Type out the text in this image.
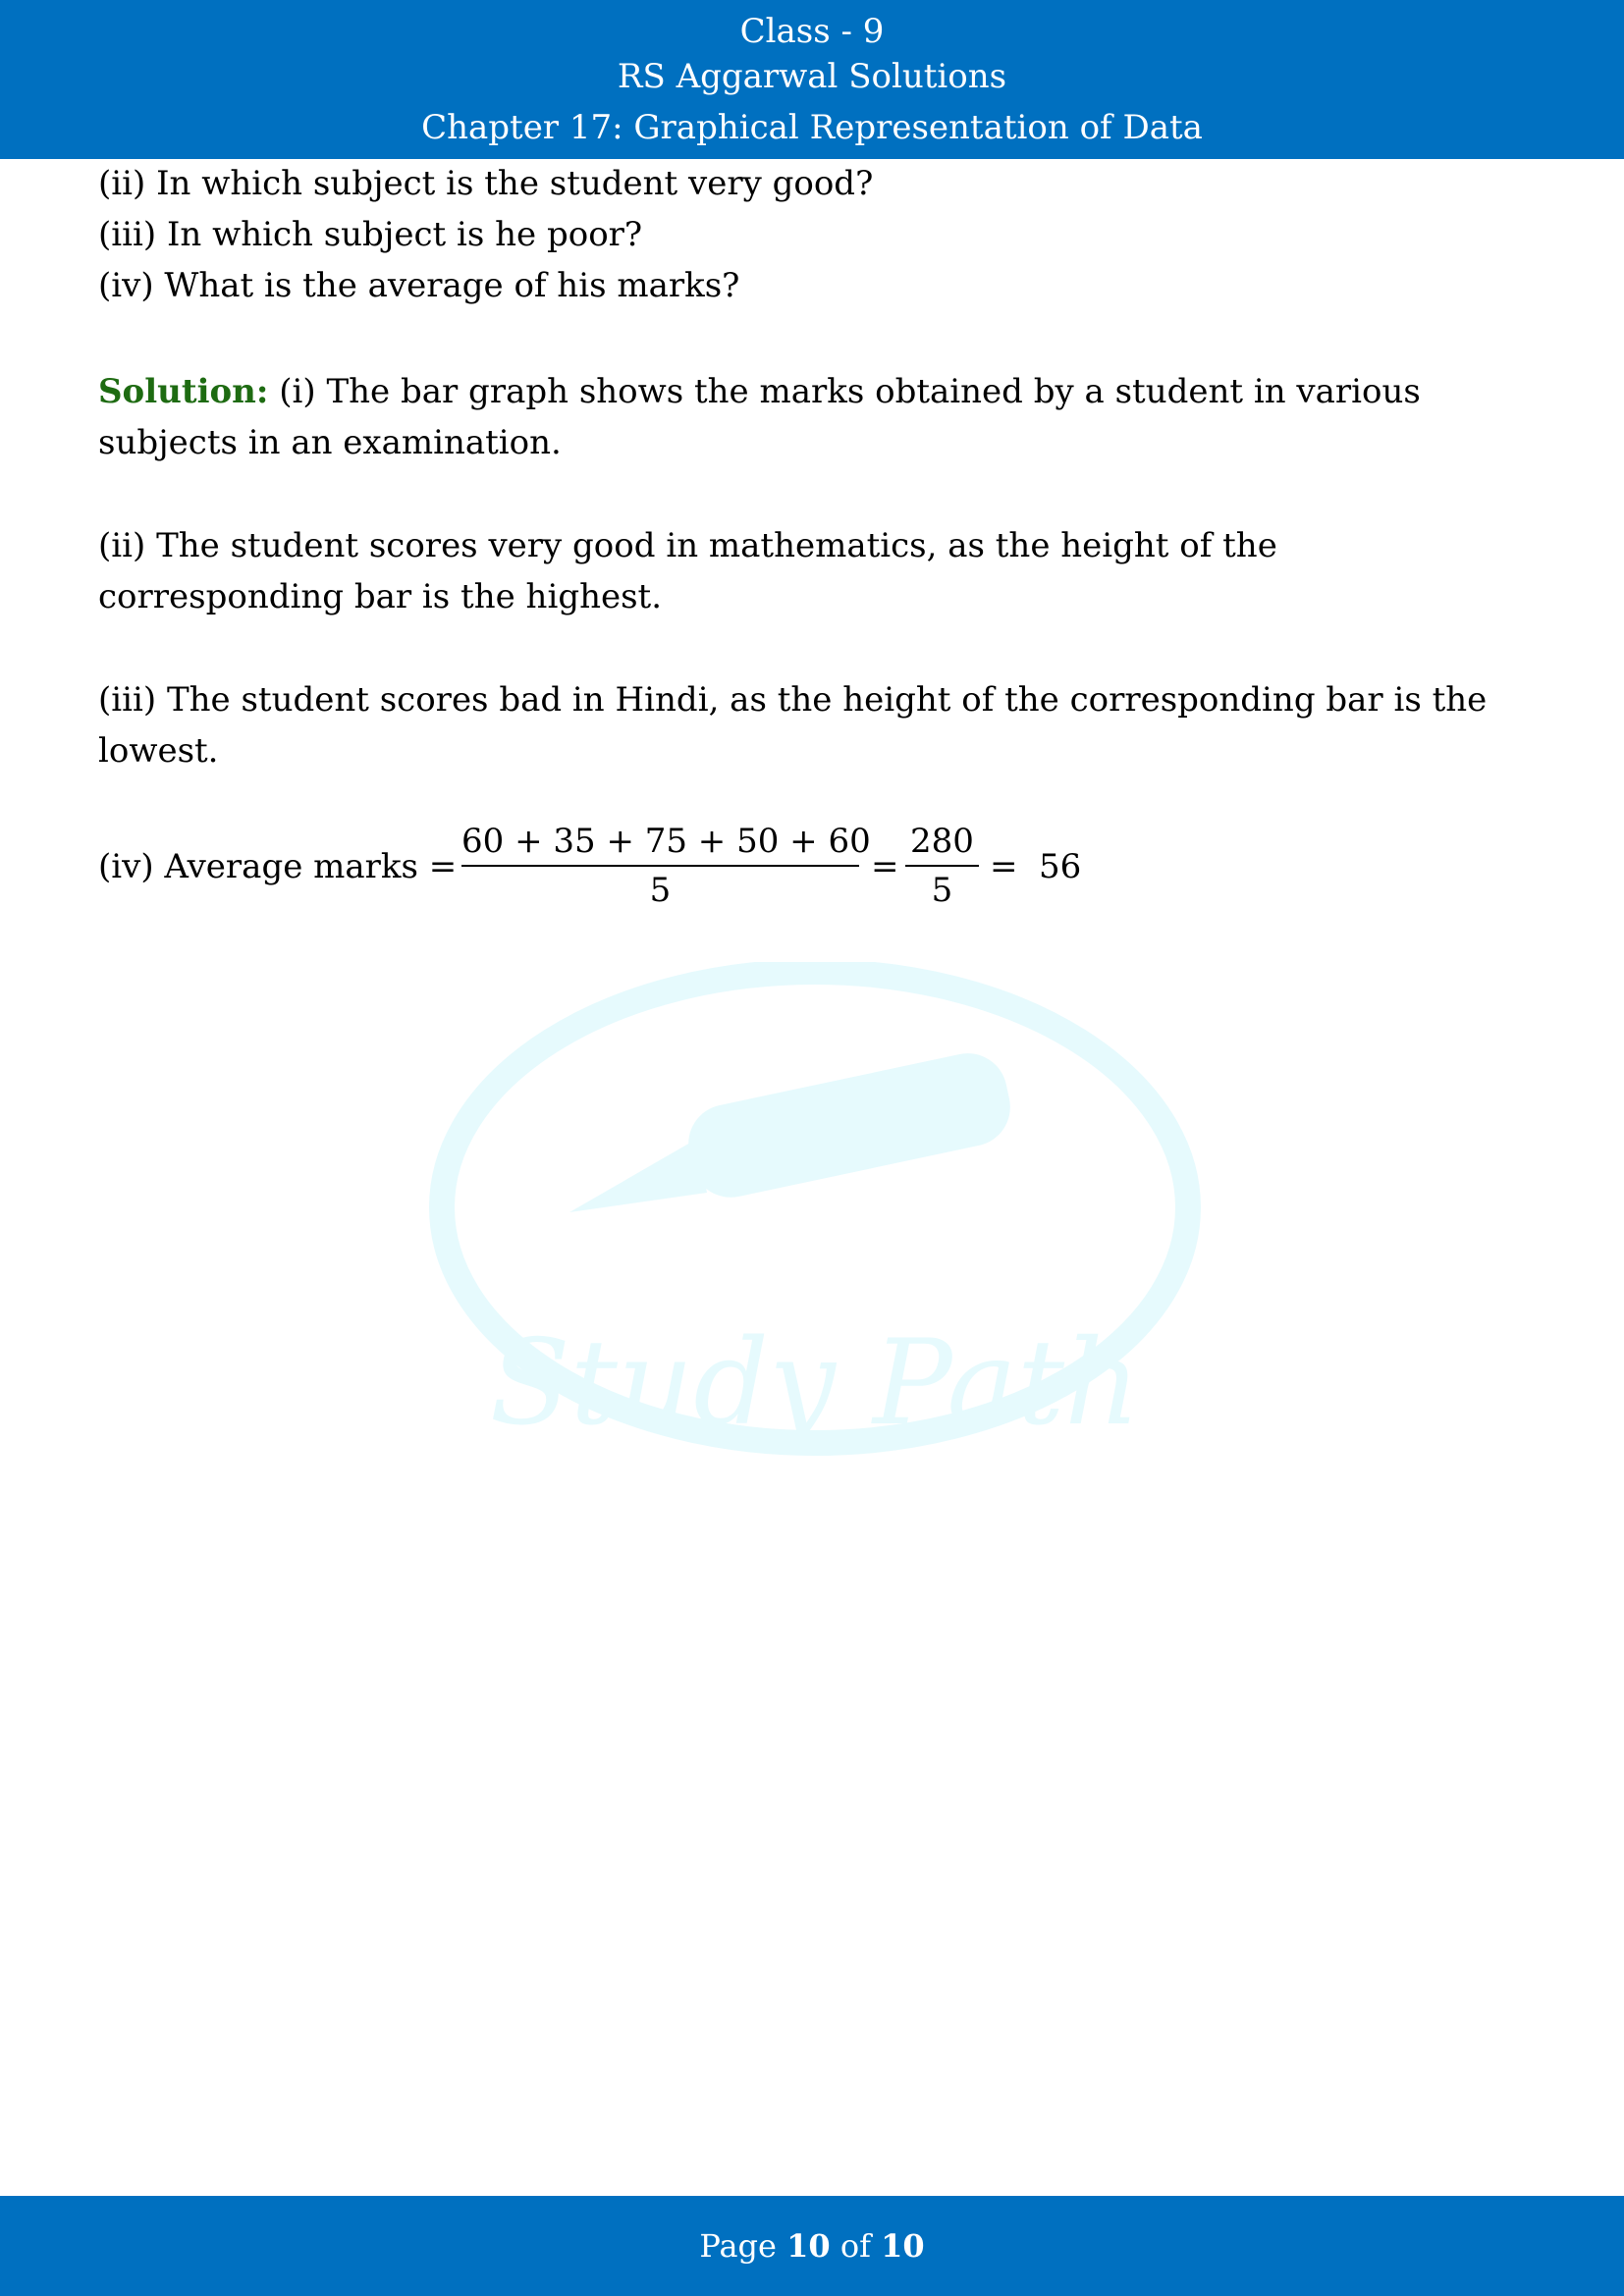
Class - 9
RS Aggarwal Solutions
Chapter 17: Graphical Representation of Data
(ii) In which subject is the student very good?
(iii) In which subject is he poor?
(iv) What is the average of his marks?
Solution: (i) The bar graph shows the marks obtained by a student in various subjects in an examination.
(ii) The student scores very good in mathematics, as the height of the corresponding bar is the highest.
(iii) The student scores bad in Hindi, as the height of the corresponding bar is the lowest.
(iv) Average marks =
60 + 35 + 75 + 50 + 60
5
=
280
5
= 56
Study Path
Page 10 of 10
